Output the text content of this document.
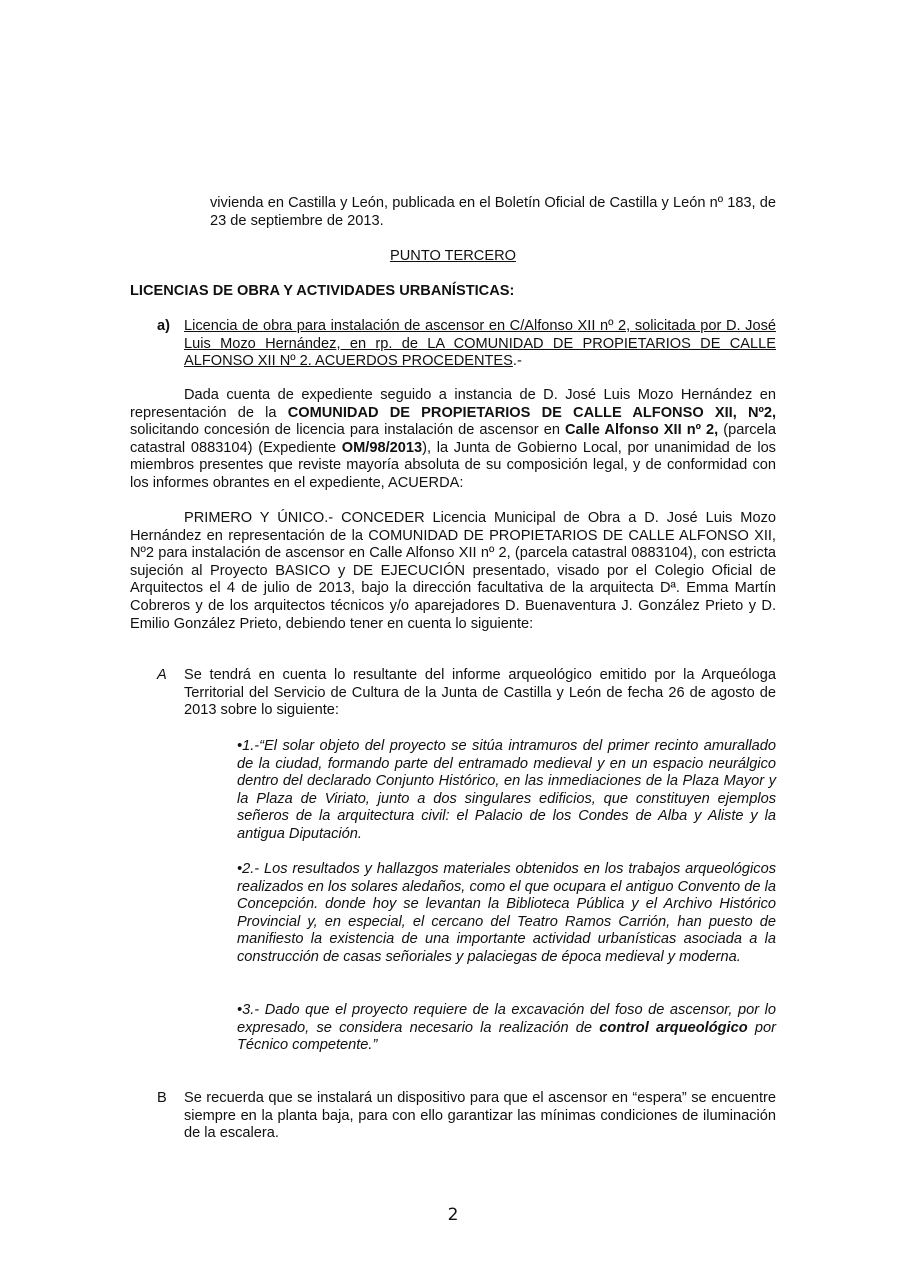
vivienda en Castilla y León, publicada en el Boletín Oficial de Castilla y León nº 183, de 23 de septiembre de 2013.

PUNTO TERCERO

LICENCIAS DE OBRA Y ACTIVIDADES URBANÍSTICAS:

a) Licencia de obra para instalación de ascensor en C/Alfonso XII nº 2, solicitada por D. José Luis Mozo Hernández, en rp. de LA COMUNIDAD DE PROPIETARIOS DE CALLE ALFONSO XII Nº 2. ACUERDOS PROCEDENTES.-

Dada cuenta de expediente seguido a instancia de D. José Luis Mozo Hernández en representación de la COMUNIDAD DE PROPIETARIOS DE CALLE ALFONSO XII, Nº2, solicitando concesión de licencia para instalación de ascensor en Calle Alfonso XII nº 2, (parcela catastral 0883104) (Expediente OM/98/2013), la Junta de Gobierno Local, por unanimidad de los miembros presentes que reviste mayoría absoluta de su composición legal, y de conformidad con los informes obrantes en el expediente, ACUERDA:

PRIMERO Y ÚNICO.- CONCEDER Licencia Municipal de Obra a D. José Luis Mozo Hernández en representación de la COMUNIDAD DE PROPIETARIOS DE CALLE ALFONSO XII, Nº2 para instalación de ascensor en Calle Alfonso XII nº 2, (parcela catastral 0883104), con estricta sujeción al Proyecto BASICO y DE EJECUCIÓN presentado, visado por el Colegio Oficial de Arquitectos el 4 de julio de 2013, bajo la dirección facultativa de la arquitecta Dª. Emma Martín Cobreros y de los arquitectos técnicos y/o aparejadores D. Buenaventura J. González Prieto y D. Emilio González Prieto, debiendo tener en cuenta lo siguiente:

A Se tendrá en cuenta lo resultante del informe arqueológico emitido por la Arqueóloga Territorial del Servicio de Cultura de la Junta de Castilla y León de fecha 26 de agosto de 2013 sobre lo siguiente:

•1.-“El solar objeto del proyecto se sitúa intramuros del primer recinto amurallado de la ciudad, formando parte del entramado medieval y en un espacio neurálgico dentro del declarado Conjunto Histórico, en las inmediaciones de la Plaza Mayor y la Plaza de Viriato, junto a dos singulares edificios, que constituyen ejemplos señeros de la arquitectura civil: el Palacio de los Condes de Alba y Aliste y la antigua Diputación.

•2.- Los resultados y hallazgos materiales obtenidos en los trabajos arqueológicos realizados en los solares aledaños, como el que ocupara el antiguo Convento de la Concepción. donde hoy se levantan la Biblioteca Pública y el Archivo Histórico Provincial y, en especial, el cercano del Teatro Ramos Carrión, han puesto de manifiesto la existencia de una importante actividad urbanísticas asociada a la construcción de casas señoriales y palaciegas de época medieval y moderna.

•3.- Dado que el proyecto requiere de la excavación del foso de ascensor, por lo expresado, se considera necesario la realización de control arqueológico por Técnico competente.”

B Se recuerda que se instalará un dispositivo para que el ascensor en “espera” se encuentre siempre en la planta baja, para con ello garantizar las mínimas condiciones de iluminación de la escalera.

2
